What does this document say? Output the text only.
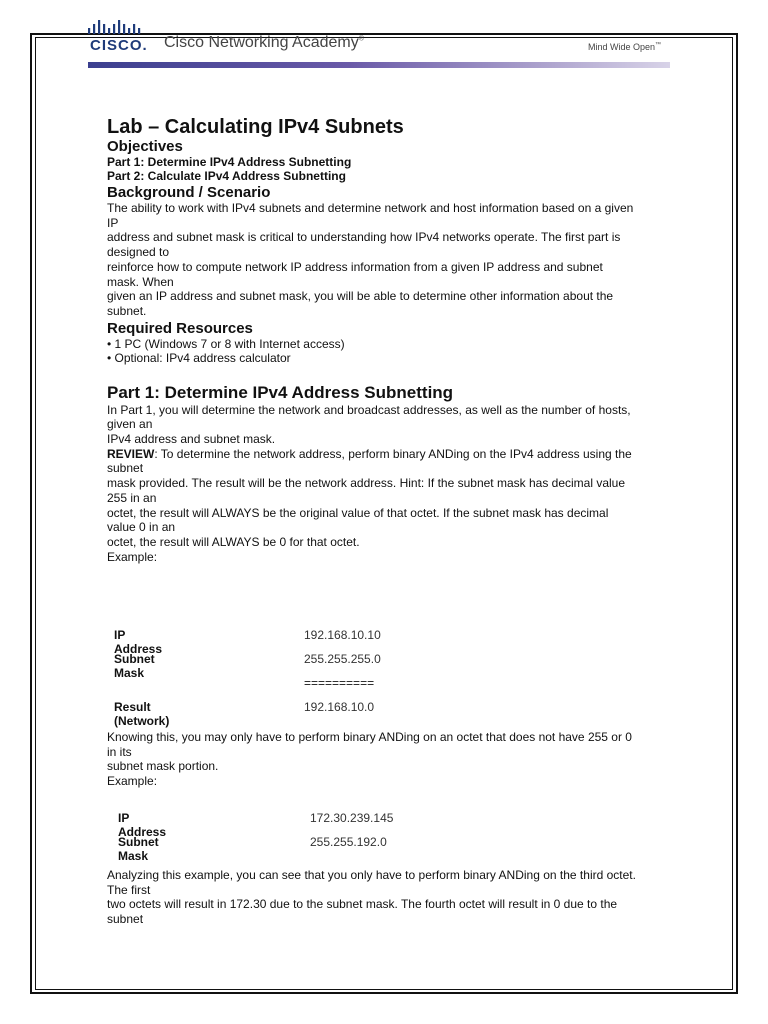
CISCO. Cisco Networking Academy®
Mind Wide Open™
Lab – Calculating IPv4 Subnets
Objectives
Part 1: Determine IPv4 Address Subnetting
Part 2: Calculate IPv4 Address Subnetting
Background / Scenario
The ability to work with IPv4 subnets and determine network and host information based on a given
IP
address and subnet mask is critical to understanding how IPv4 networks operate. The first part is
designed to
reinforce how to compute network IP address information from a given IP address and subnet
mask. When
given an IP address and subnet mask, you will be able to determine other information about the
subnet.
Required Resources
• 1 PC (Windows 7 or 8 with Internet access)
• Optional: IPv4 address calculator
Part 1: Determine IPv4 Address Subnetting
In Part 1, you will determine the network and broadcast addresses, as well as the number of hosts,
given an
IPv4 address and subnet mask.
REVIEW: To determine the network address, perform binary ANDing on the IPv4 address using the
subnet
mask provided. The result will be the network address. Hint: If the subnet mask has decimal value
255 in an
octet, the result will ALWAYS be the original value of that octet. If the subnet mask has decimal
value 0 in an
octet, the result will ALWAYS be 0 for that octet.
Example:
IP Address
192.168.10.10
Subnet Mask
255.255.255.0
==========
Result (Network)
192.168.10.0
Knowing this, you may only have to perform binary ANDing on an octet that does not have 255 or 0
in its
subnet mask portion.
Example:
IP Address
172.30.239.145
Subnet Mask
255.255.192.0
Analyzing this example, you can see that you only have to perform binary ANDing on the third octet.
The first
two octets will result in 172.30 due to the subnet mask. The fourth octet will result in 0 due to the
subnet
